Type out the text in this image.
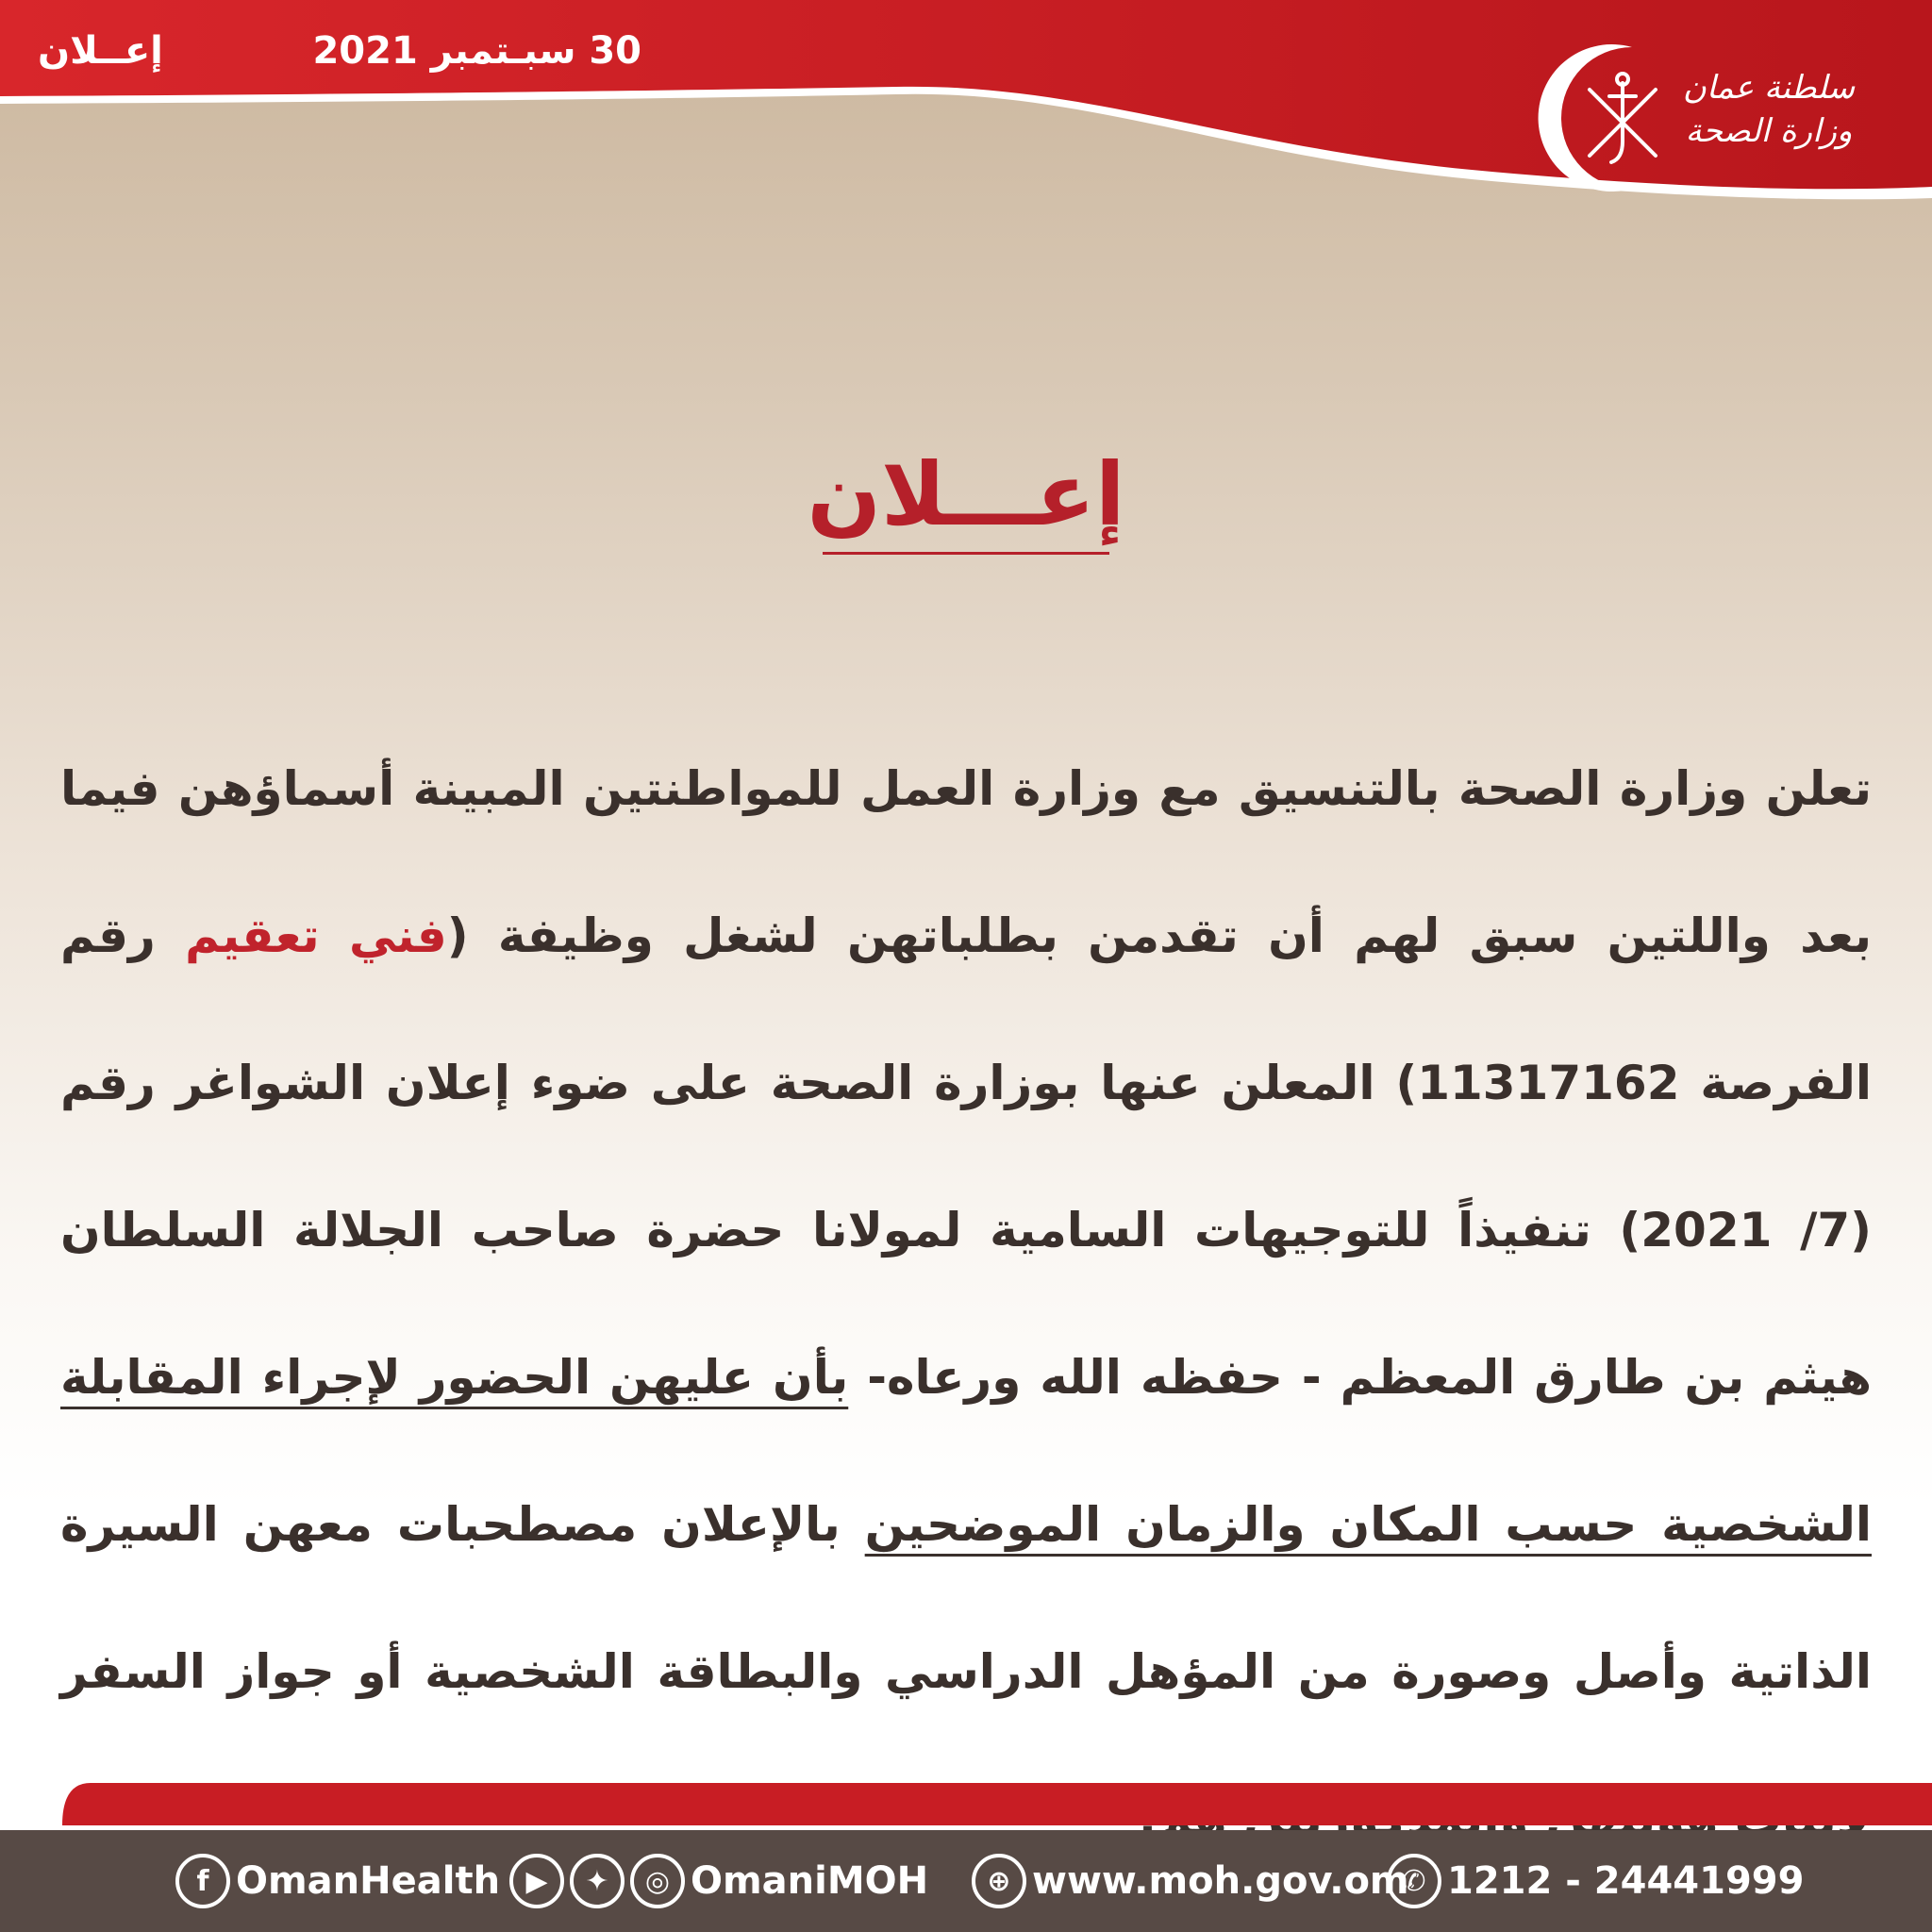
إعــلان	30 سبـتمبر 2021
سلطنة عمان
وزارة الصحة
إعـــلان
تعلن وزارة الصحة بالتنسيق مع وزارة العمل للمواطنتين المبينة أسماؤهن فيما بعد واللتين سبق لهم أن تقدمن بطلباتهن لشغل وظيفة (فني تعقيم رقم الفرصة 11317162) المعلن عنها بوزارة الصحة على ضوء إعلان الشواغر رقم (7/ 2021) تنفيذاً للتوجيهات السامية لمولانا حضرة صاحب الجلالة السلطان هيثم بن طارق المعظم - حفظه الله ورعاه- بأن عليهن الحضور لإجراء المقابلة الشخصية حسب المكان والزمان الموضحين بالإعلان مصطحبات معهن السيرة الذاتية وأصل وصورة من المؤهل الدراسي والبطاقة الشخصية أو جواز السفر
f OmanHealth ▶	✦	◎ OmaniMOH	⊕ www.moh.gov.om
✆ 24441999 - 1212
